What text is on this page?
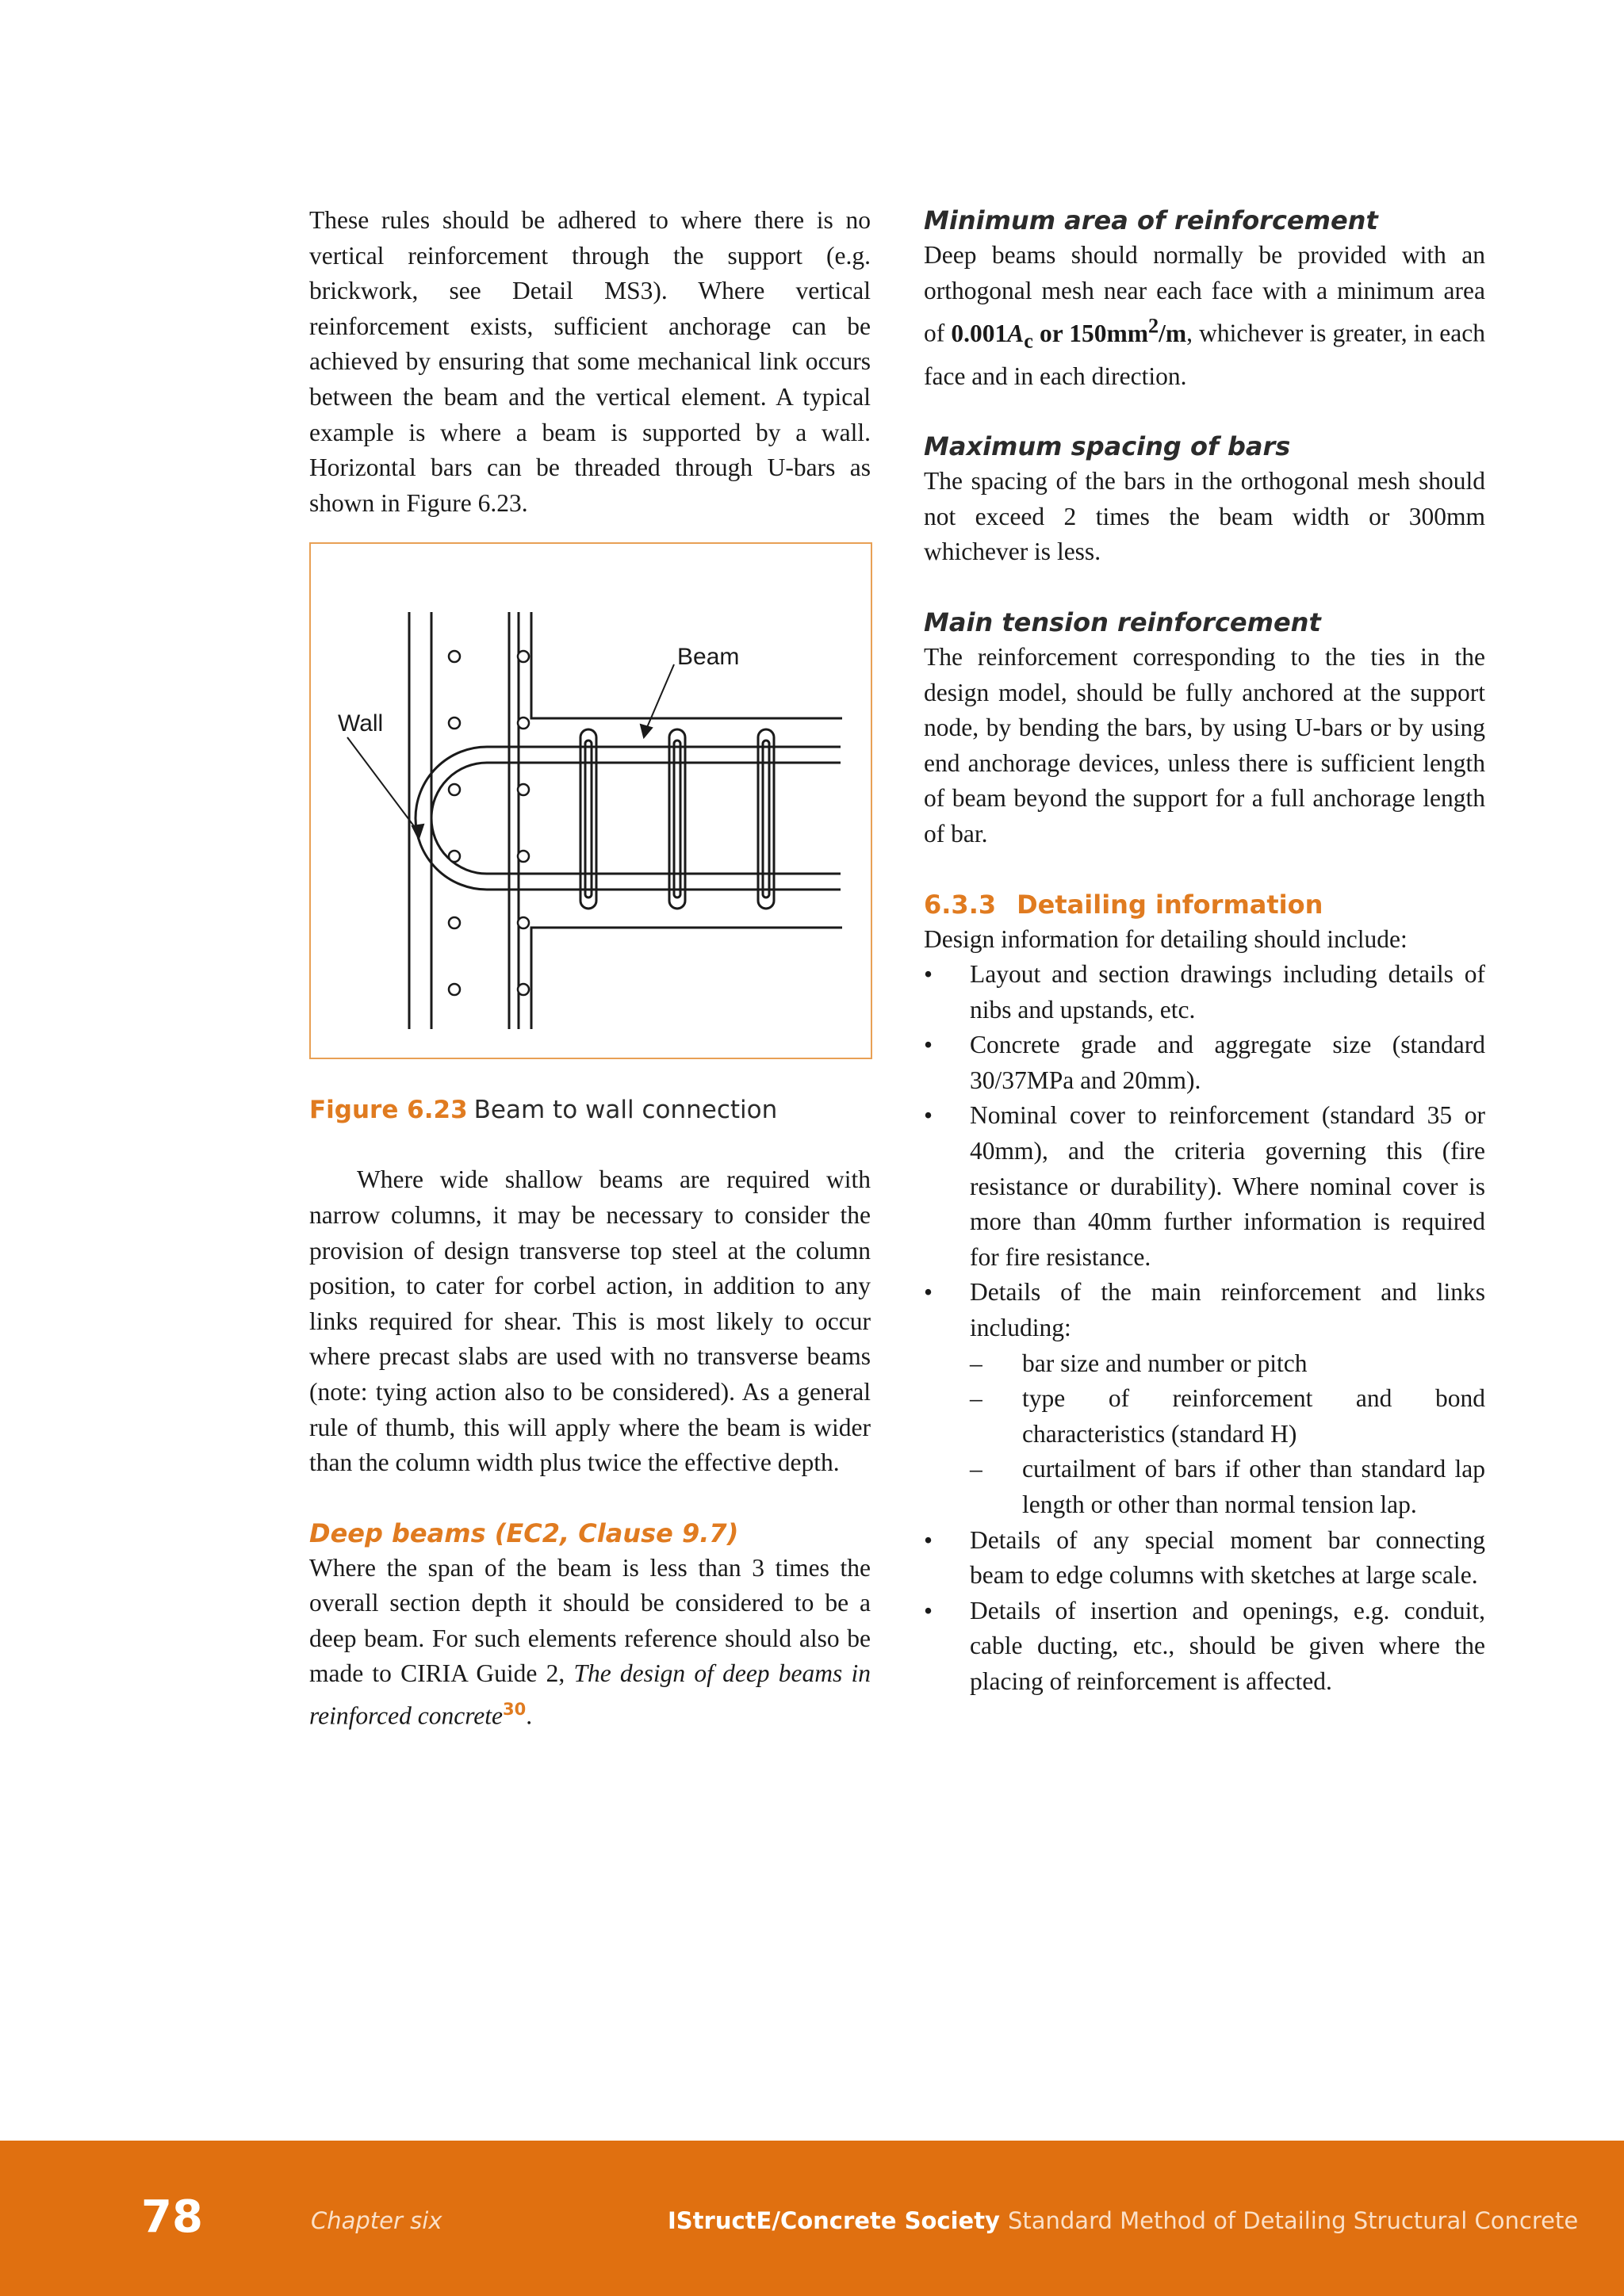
These rules should be adhered to where there is no vertical reinforcement through the support (e.g. brickwork, see Detail MS3). Where vertical reinforcement exists, sufficient anchorage can be achieved by ensuring that some mechanical link occurs between the beam and the vertical element. A typical example is where a beam is supported by a wall. Horizontal bars can be threaded through U-bars as shown in Figure 6.23.

Beam
Wall
Figure 6.23 Beam to wall connection

Where wide shallow beams are required with narrow columns, it may be necessary to consider the provision of design transverse top steel at the column position, to cater for corbel action, in addition to any links required for shear. This is most likely to occur where precast slabs are used with no transverse beams (note: tying action also to be considered). As a general rule of thumb, this will apply where the beam is wider than the column width plus twice the effective depth.

Deep beams (EC2, Clause 9.7)

Where the span of the beam is less than 3 times the overall section depth it should be considered to be a deep beam. For such elements reference should also be made to CIRIA Guide 2, The design of deep beams in reinforced concrete$^{30}$.

Minimum area of reinforcement

Deep beams should normally be provided with an orthogonal mesh near each face with a minimum area of $0.001A_c$ or $150mm^2/m$, whichever is greater, in each face and in each direction.

Maximum spacing of bars

The spacing of the bars in the orthogonal mesh should not exceed 2 times the beam width or 300mm whichever is less.

Main tension reinforcement

The reinforcement corresponding to the ties in the design model, should be fully anchored at the support node, by bending the bars, by using U-bars or by using end anchorage devices, unless there is sufficient length of beam beyond the support for a full anchorage length of bar.

6.3.3 Detailing information

Design information for detailing should include:

• Layout and section drawings including details of nibs and upstands, etc.
• Concrete grade and aggregate size (standard 30/37MPa and 20mm).
• Nominal cover to reinforcement (standard 35 or 40mm), and the criteria governing this (fire resistance or durability). Where nominal cover is more than 40mm further information is required for fire resistance.
• Details of the main reinforcement and links including:
– bar size and number or pitch
– type of reinforcement and bond characteristics (standard H)
– curtailment of bars if other than standard lap length or other than normal tension lap.
• Details of any special moment bar connecting beam to edge columns with sketches at large scale.
• Details of insertion and openings, e.g. conduit, cable ducting, etc., should be given where the placing of reinforcement is affected.
78	Chapter six	IStructE/Concrete Society Standard Method of Detailing Structural Concrete
